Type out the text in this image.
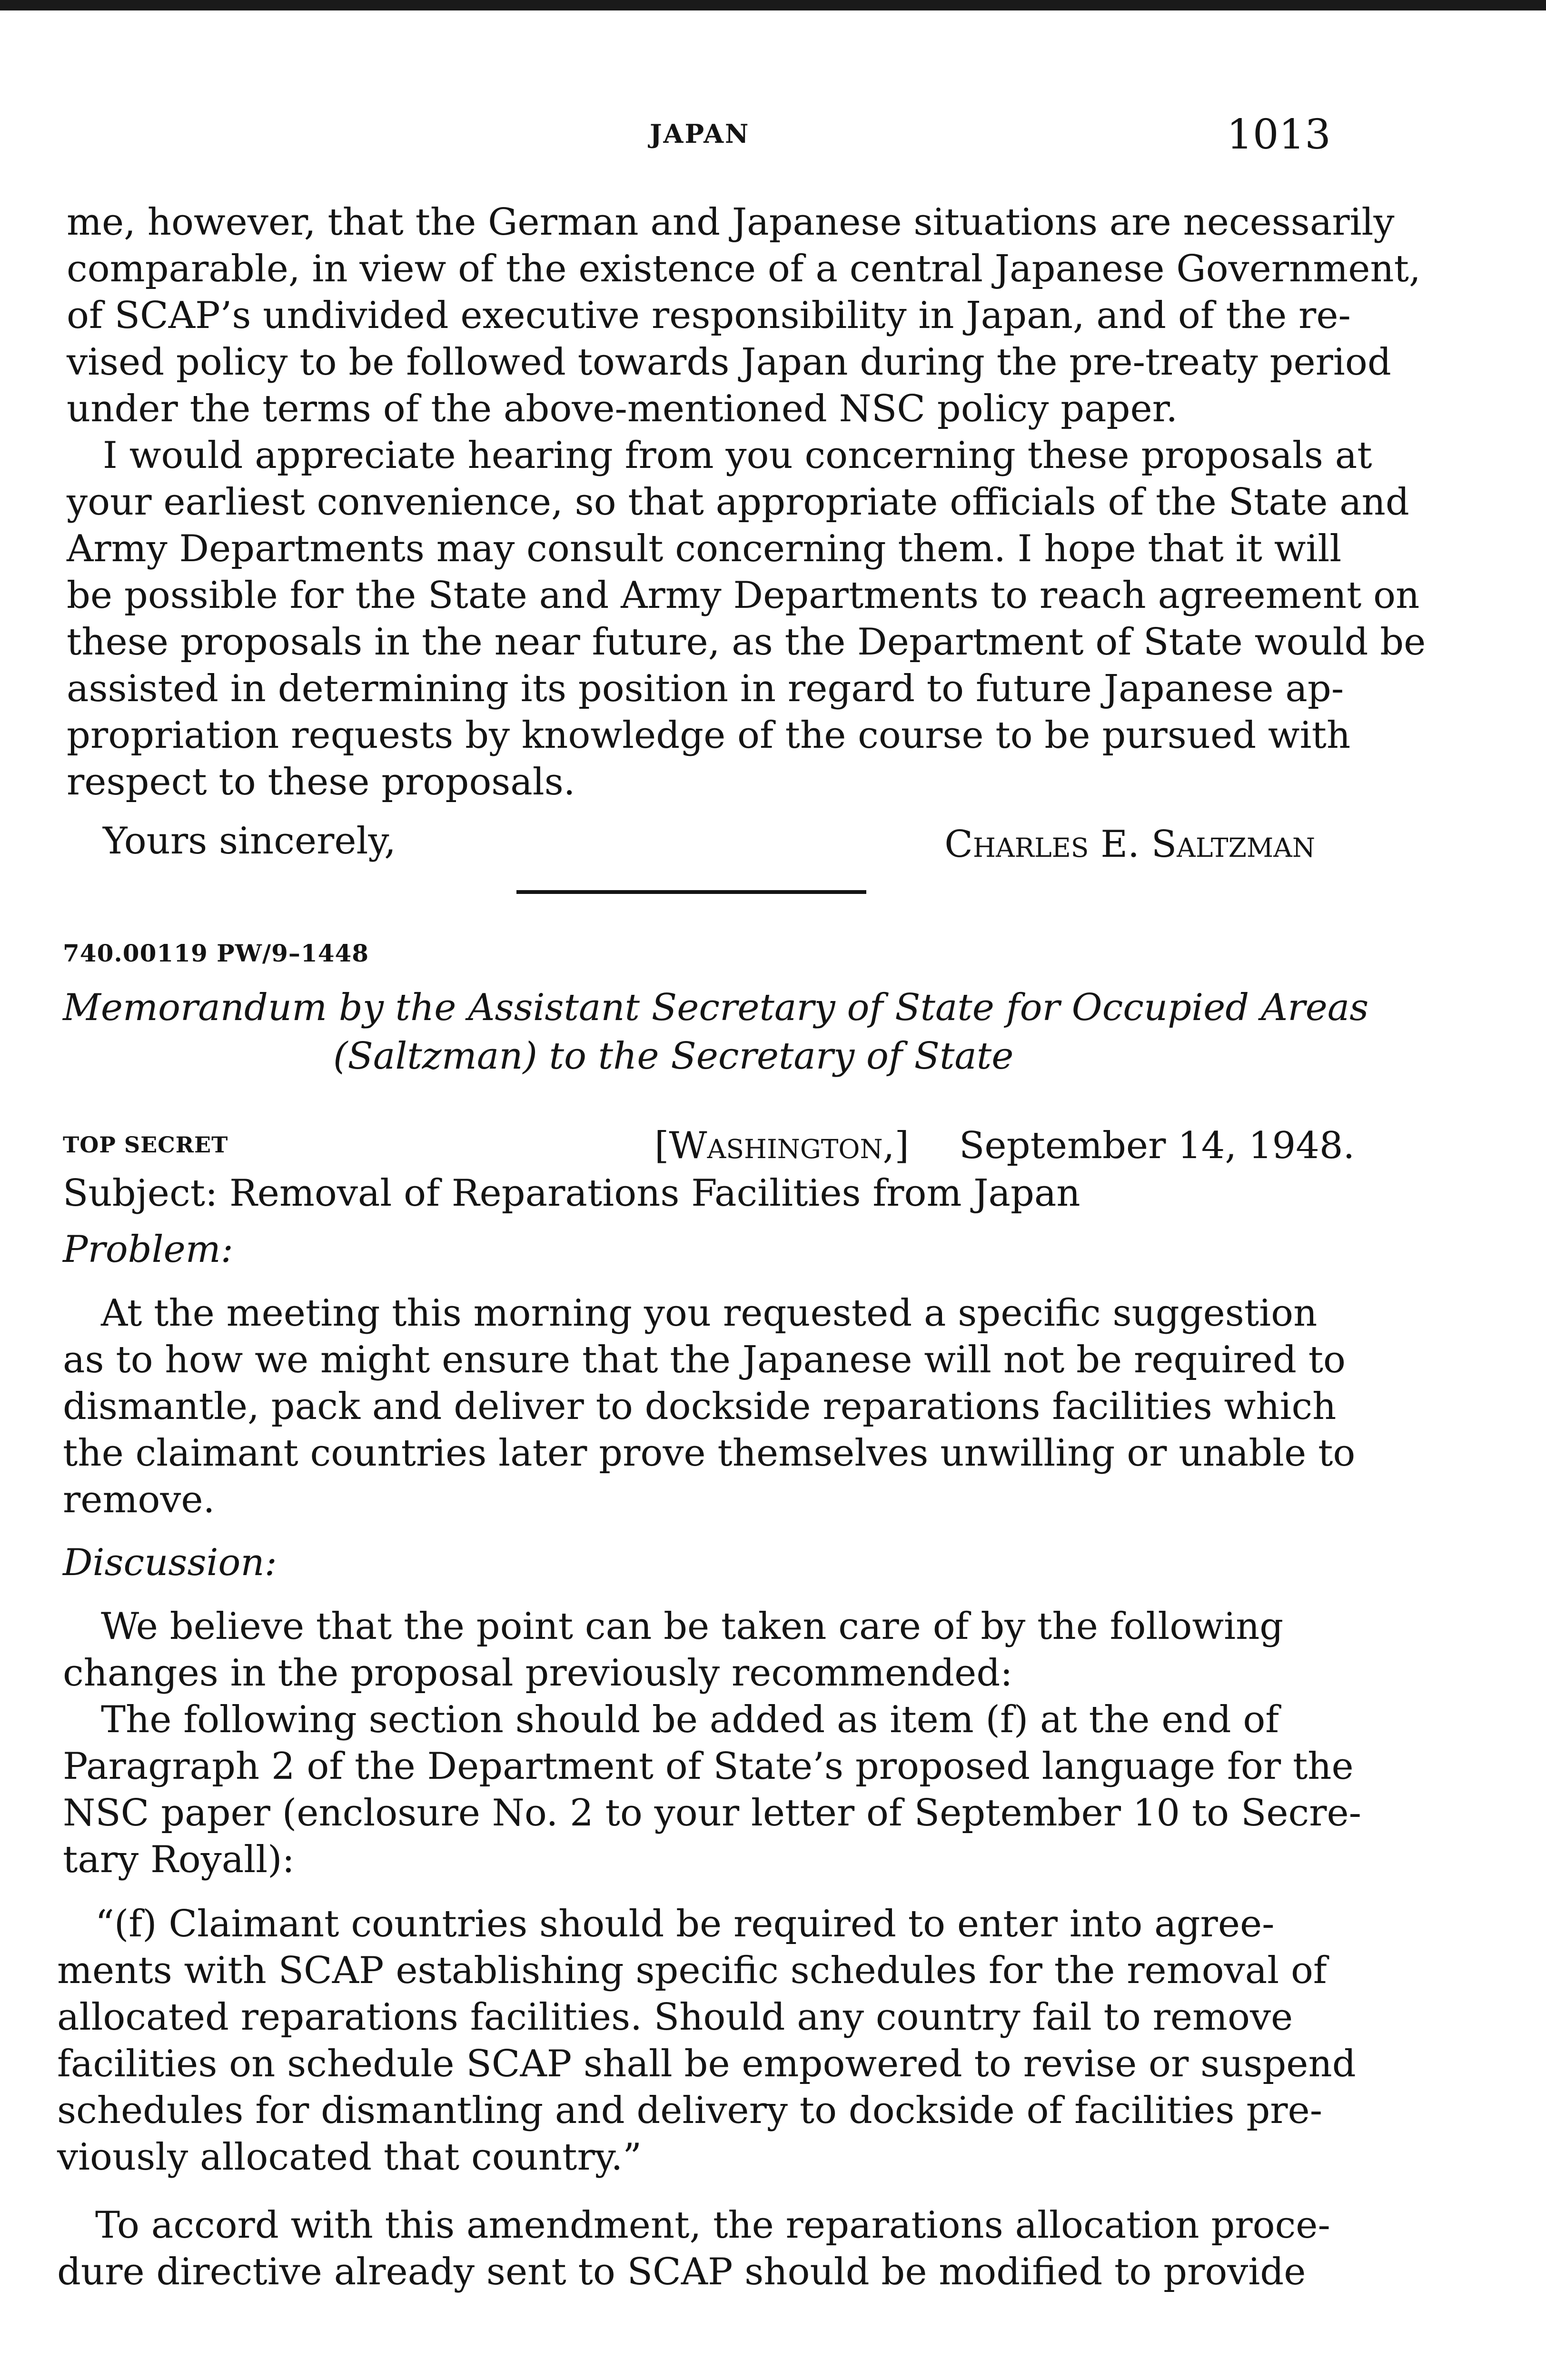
JAPAN	1013
me, however, that the German and Japanese situations are necessarily
comparable, in view of the existence of a central Japanese Government,
of SCAP’s undivided executive responsibility in Japan, and of the re-
vised policy to be followed towards Japan during the pre-treaty period
under the terms of the above-mentioned NSC policy paper.
I would appreciate hearing from you concerning these proposals at
your earliest convenience, so that appropriate officials of the State and
Army Departments may consult concerning them. I hope that it will
be possible for the State and Army Departments to reach agreement on
these proposals in the near future, as the Department of State would be
assisted in determining its position in regard to future Japanese ap-
propriation requests by knowledge of the course to be pursued with
respect to these proposals.
Yours sincerely,	Charles E. Saltzman
740.00119 PW/9–1448
Memorandum by the Assistant Secretary of State for Occupied Areas
(Saltzman) to the Secretary of State
TOP SECRET	[Washington,] September 14, 1948.
Subject: Removal of Reparations Facilities from Japan
Problem:
At the meeting this morning you requested a specific suggestion
as to how we might ensure that the Japanese will not be required to
dismantle, pack and deliver to dockside reparations facilities which
the claimant countries later prove themselves unwilling or unable to
remove.
Discussion:
We believe that the point can be taken care of by the following
changes in the proposal previously recommended:
The following section should be added as item (f) at the end of
Paragraph 2 of the Department of State’s proposed language for the
NSC paper (enclosure No. 2 to your letter of September 10 to Secre-
tary Royall):
“(f) Claimant countries should be required to enter into agree-
ments with SCAP establishing specific schedules for the removal of
allocated reparations facilities. Should any country fail to remove
facilities on schedule SCAP shall be empowered to revise or suspend
schedules for dismantling and delivery to dockside of facilities pre-
viously allocated that country.”
To accord with this amendment, the reparations allocation proce-
dure directive already sent to SCAP should be modified to provide
